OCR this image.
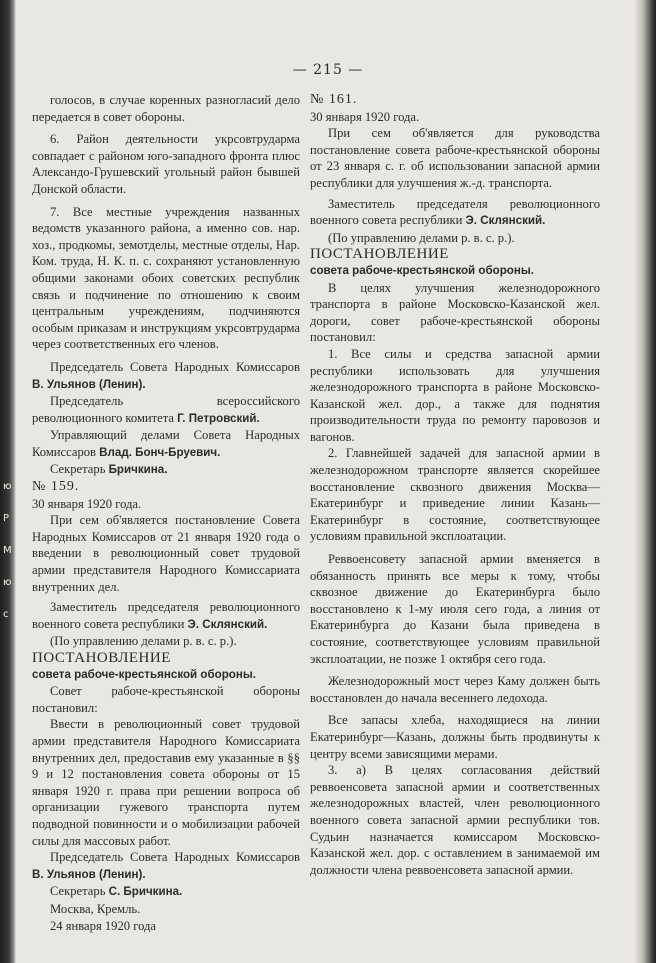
— 215 —

голосов, в случае коренных разногласий дело передается в совет обороны.

6. Район деятельности укрсовтрударма совпадает с районом юго-западного фронта плюс Александо-Грушевский угольный район бывшей Донской области.

7. Все местные учреждения названных ведомств указанного района, а именно сов. нар. хоз., продкомы, земотделы, местные отделы, Нар. Ком. труда, Н. К. п. с. сохраняют установленную общими законами обоих советских республик связь и подчинение по отношению к своим центральным учреждениям, подчиняются особым приказам и инструкциям укрсовтрударма через соответственных его членов.

Председатель Совета Народных Комиссаров В. Ульянов (Ленин).

Председатель всероссийского революционного комитета Г. Петровский.

Управляющий делами Совета Народных Комиссаров Влад. Бонч-Бруевич.

Секретарь Бричкина.

№ 159.

30 января 1920 года.

При сем об'является постановление Совета Народных Комиссаров от 21 января 1920 года о введении в революционный совет трудовой армии представителя Народного Комиссариата внутренних дел.

Заместитель председателя революционного военного совета республики Э. Склянский.

(По управлению делами р. в. с. р.).

ПОСТАНОВЛЕНИЕ

совета рабоче-крестьянской обороны.

Совет рабоче-крестьянской обороны постановил:

Ввести в революционный совет трудовой армии представителя Народного Комиссариата внутренних дел, предоставив ему указанные в §§ 9 и 12 постановления совета обороны от 15 января 1920 г. права при решении вопроса об организации гужевого транспорта путем подводной повинности и о мобилизации рабочей силы для массовых работ.

Председатель Совета Народных Комиссаров В. Ульянов (Ленин).

Секретарь С. Бричкина.

Москва, Кремль.

24 января 1920 года

№ 161.

30 января 1920 года.

При сем об'является для руководства постановление совета рабоче-крестьянской обороны от 23 января с. г. об использовании запасной армии республики для улучшения ж.-д. транспорта.

Заместитель председателя революционного военного совета республики Э. Склянский.

(По управлению делами р. в. с. р.).

ПОСТАНОВЛЕНИЕ

совета рабоче-крестьянской обороны.

В целях улучшения железнодорожного транспорта в районе Московско-Казанской жел. дороги, совет рабоче-крестьянской обороны постановил:

1. Все силы и средства запасной армии республики использовать для улучшения железнодорожного транспорта в районе Московско-Казанской жел. дор., а также для поднятия производительности труда по ремонту паровозов и вагонов.

2. Главнейшей задачей для запасной армии в железнодорожном транспорте является скорейшее восстановление сквозного движения Москва—Екатеринбург и приведение линии Казань—Екатеринбург в состояние, соответствующее условиям правильной эксплоатации.

Реввоенсовету запасной армии вменяется в обязанность принять все меры к тому, чтобы сквозное движение до Екатеринбурга было восстановлено к 1-му июля сего года, а линия от Екатеринбурга до Казани была приведена в состояние, соответствующее условиям правильной эксплоатации, не позже 1 октября сего года.

Железнодорожный мост через Каму должен быть восстановлен до начала весеннего ледохода.

Все запасы хлеба, находящиеся на линии Екатеринбург—Казань, должны быть продвинуты к центру всеми зависящими мерами.

3. а) В целях согласования действий реввоенсовета запасной армии и соответственных железнодорожных властей, член революционного военного совета запасной армии республики тов. Судьин назначается комиссаром Московско-Казанской жел. дор. с оставлением в занимаемой им должности члена реввоенсовета запасной армии.

ю
Р
М
ю
с
